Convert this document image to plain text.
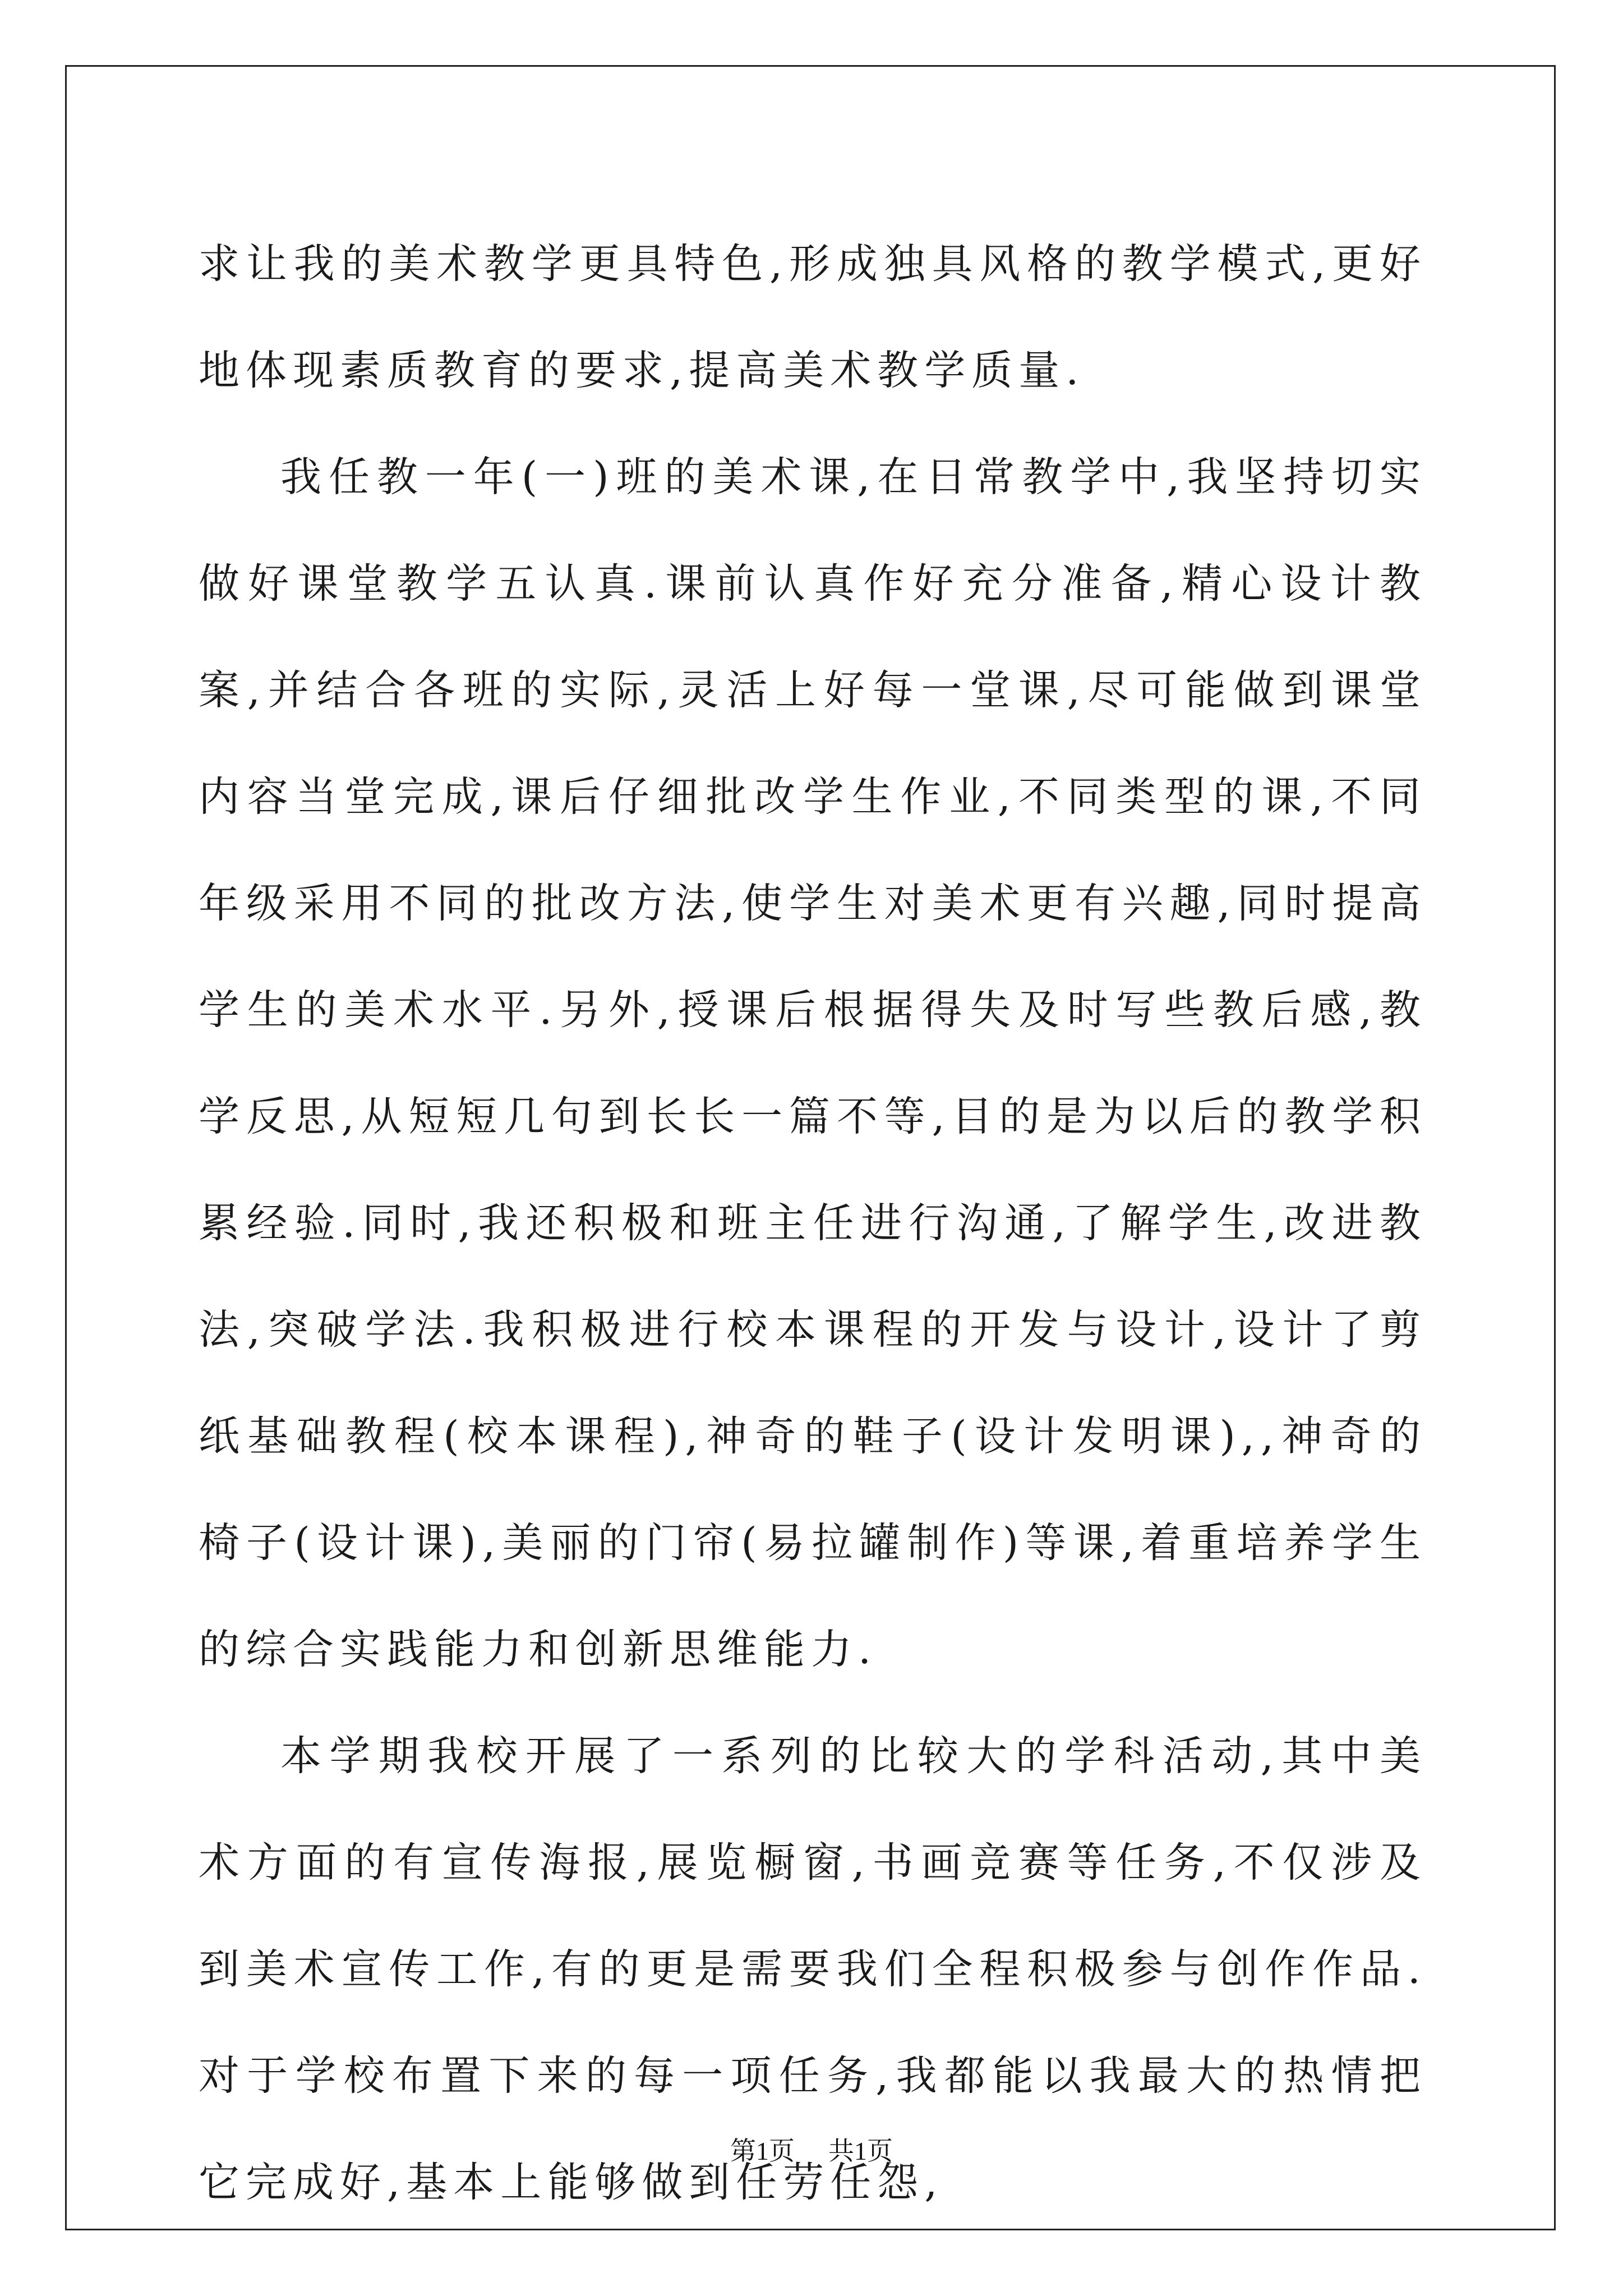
求让我的美术教学更具特色,形成独具风格的教学模式,更好地体现素质教育的要求,提高美术教学质量.

我任教一年(一)班的美术课,在日常教学中,我坚持切实做好课堂教学五认真.课前认真作好充分准备,精心设计教案,并结合各班的实际,灵活上好每一堂课,尽可能做到课堂内容当堂完成,课后仔细批改学生作业,不同类型的课,不同年级采用不同的批改方法,使学生对美术更有兴趣,同时提高学生的美术水平.另外,授课后根据得失及时写些教后感,教学反思,从短短几句到长长一篇不等,目的是为以后的教学积累经验.同时,我还积极和班主任进行沟通,了解学生,改进教法,突破学法.我积极进行校本课程的开发与设计,设计了剪纸基础教程(校本课程),神奇的鞋子(设计发明课),,神奇的椅子(设计课),美丽的门帘(易拉罐制作)等课,着重培养学生的综合实践能力和创新思维能力.

本学期我校开展了一系列的比较大的学科活动,其中美术方面的有宣传海报,展览橱窗,书画竞赛等任务,不仅涉及到美术宣传工作,有的更是需要我们全程积极参与创作作品.对于学校布置下来的每一项任务,我都能以我最大的热情把它完成好,基本上能够做到任劳任怨,

第1页 共1页
